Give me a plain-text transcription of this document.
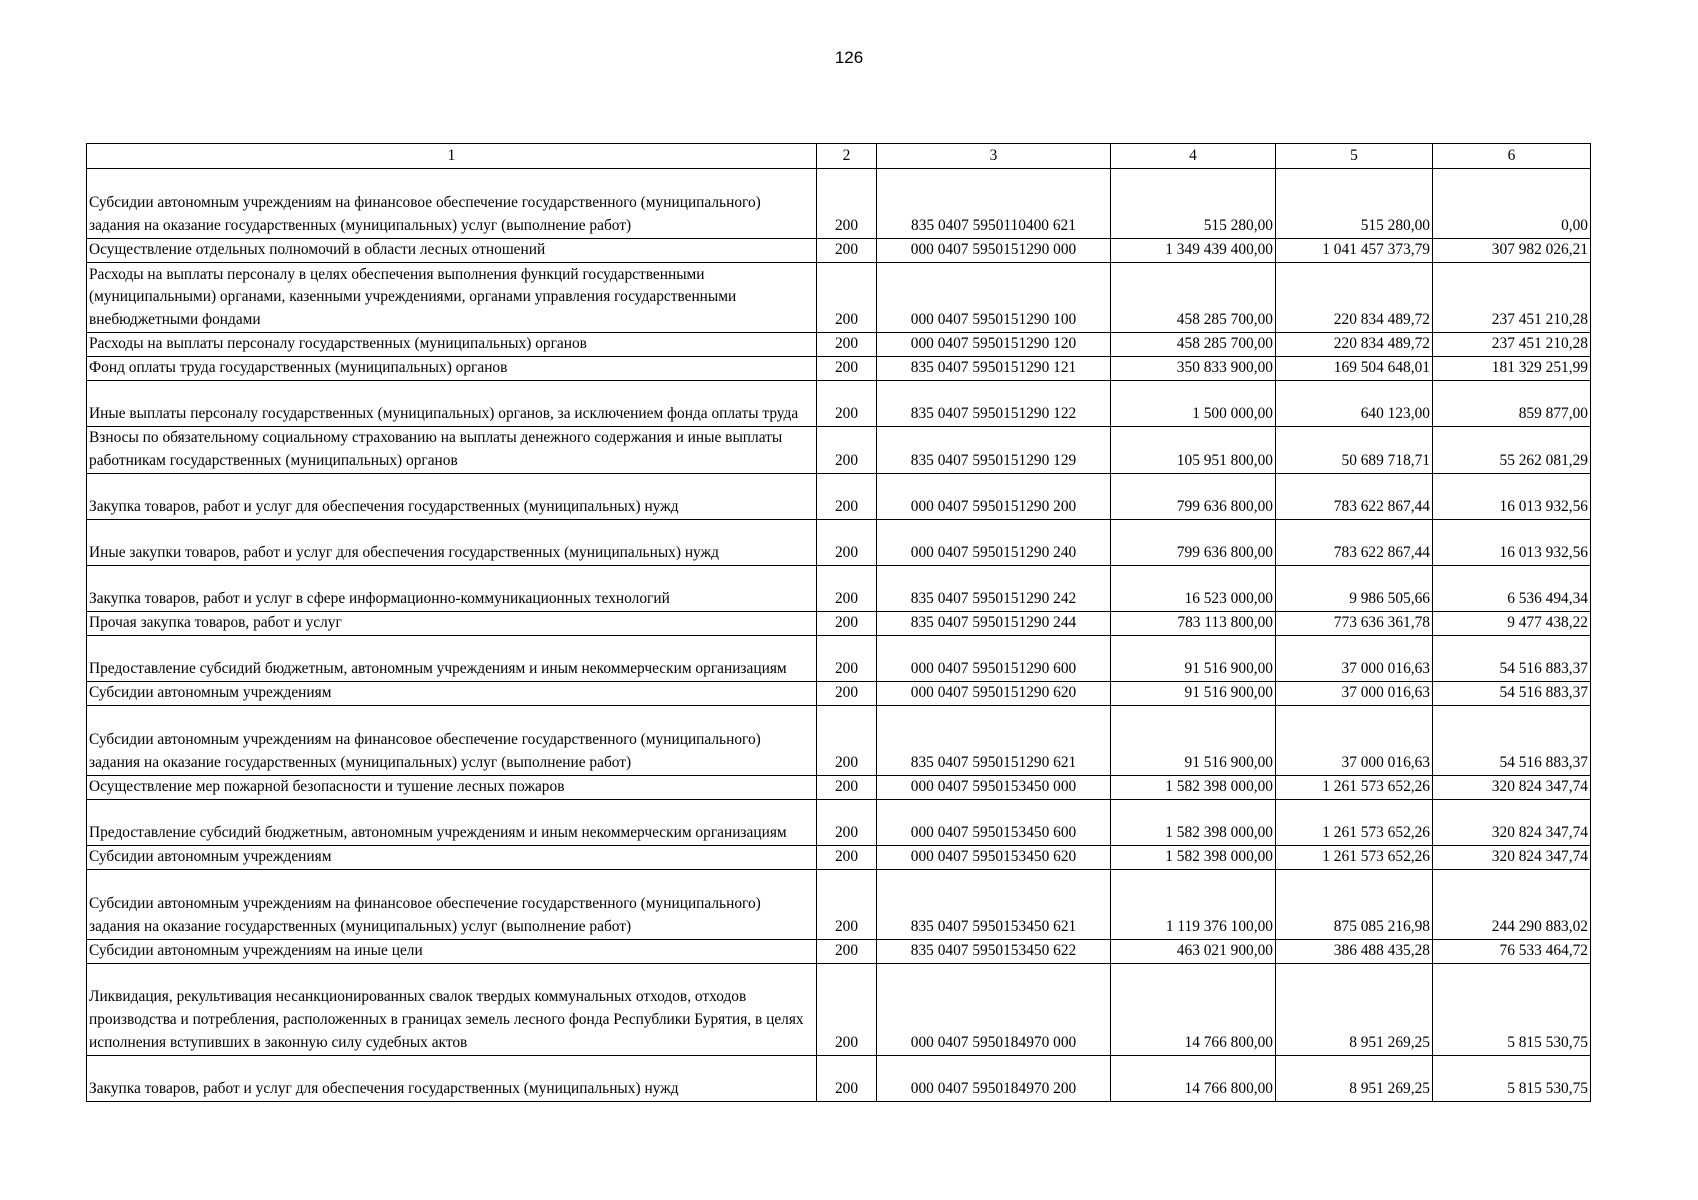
126
1	2	3	4	5	6
Субсидии автономным учреждениям на финансовое обеспечение государственного (муниципального) задания на оказание государственных (муниципальных) услуг (выполнение работ)	200	835 0407 5950110400 621	515 280,00	515 280,00	0,00
Осуществление отдельных полномочий в области лесных отношений	200	000 0407 5950151290 000	1 349 439 400,00	1 041 457 373,79	307 982 026,21
Расходы на выплаты персоналу в целях обеспечения выполнения функций государственными (муниципальными) органами, казенными учреждениями, органами управления государственными внебюджетными фондами	200	000 0407 5950151290 100	458 285 700,00	220 834 489,72	237 451 210,28
Расходы на выплаты персоналу государственных (муниципальных) органов	200	000 0407 5950151290 120	458 285 700,00	220 834 489,72	237 451 210,28
Фонд оплаты труда государственных (муниципальных) органов	200	835 0407 5950151290 121	350 833 900,00	169 504 648,01	181 329 251,99
Иные выплаты персоналу государственных (муниципальных) органов, за исключением фонда оплаты труда	200	835 0407 5950151290 122	1 500 000,00	640 123,00	859 877,00
Взносы по обязательному социальному страхованию на выплаты денежного содержания и иные выплаты работникам государственных (муниципальных) органов	200	835 0407 5950151290 129	105 951 800,00	50 689 718,71	55 262 081,29
Закупка товаров, работ и услуг для обеспечения государственных (муниципальных) нужд	200	000 0407 5950151290 200	799 636 800,00	783 622 867,44	16 013 932,56
Иные закупки товаров, работ и услуг для обеспечения государственных (муниципальных) нужд	200	000 0407 5950151290 240	799 636 800,00	783 622 867,44	16 013 932,56
Закупка товаров, работ и услуг в сфере информационно-коммуникационных технологий	200	835 0407 5950151290 242	16 523 000,00	9 986 505,66	6 536 494,34
Прочая закупка товаров, работ и услуг	200	835 0407 5950151290 244	783 113 800,00	773 636 361,78	9 477 438,22
Предоставление субсидий бюджетным, автономным учреждениям и иным некоммерческим организациям	200	000 0407 5950151290 600	91 516 900,00	37 000 016,63	54 516 883,37
Субсидии автономным учреждениям	200	000 0407 5950151290 620	91 516 900,00	37 000 016,63	54 516 883,37
Субсидии автономным учреждениям на финансовое обеспечение государственного (муниципального) задания на оказание государственных (муниципальных) услуг (выполнение работ)	200	835 0407 5950151290 621	91 516 900,00	37 000 016,63	54 516 883,37
Осуществление мер пожарной безопасности и тушение лесных пожаров	200	000 0407 5950153450 000	1 582 398 000,00	1 261 573 652,26	320 824 347,74
Предоставление субсидий бюджетным, автономным учреждениям и иным некоммерческим организациям	200	000 0407 5950153450 600	1 582 398 000,00	1 261 573 652,26	320 824 347,74
Субсидии автономным учреждениям	200	000 0407 5950153450 620	1 582 398 000,00	1 261 573 652,26	320 824 347,74
Субсидии автономным учреждениям на финансовое обеспечение государственного (муниципального) задания на оказание государственных (муниципальных) услуг (выполнение работ)	200	835 0407 5950153450 621	1 119 376 100,00	875 085 216,98	244 290 883,02
Субсидии автономным учреждениям на иные цели	200	835 0407 5950153450 622	463 021 900,00	386 488 435,28	76 533 464,72
Ликвидация, рекультивация несанкционированных свалок твердых коммунальных отходов, отходов производства и потребления, расположенных в границах земель лесного фонда Республики Бурятия, в целях исполнения вступивших в законную силу судебных актов	200	000 0407 5950184970 000	14 766 800,00	8 951 269,25	5 815 530,75
Закупка товаров, работ и услуг для обеспечения государственных (муниципальных) нужд	200	000 0407 5950184970 200	14 766 800,00	8 951 269,25	5 815 530,75
